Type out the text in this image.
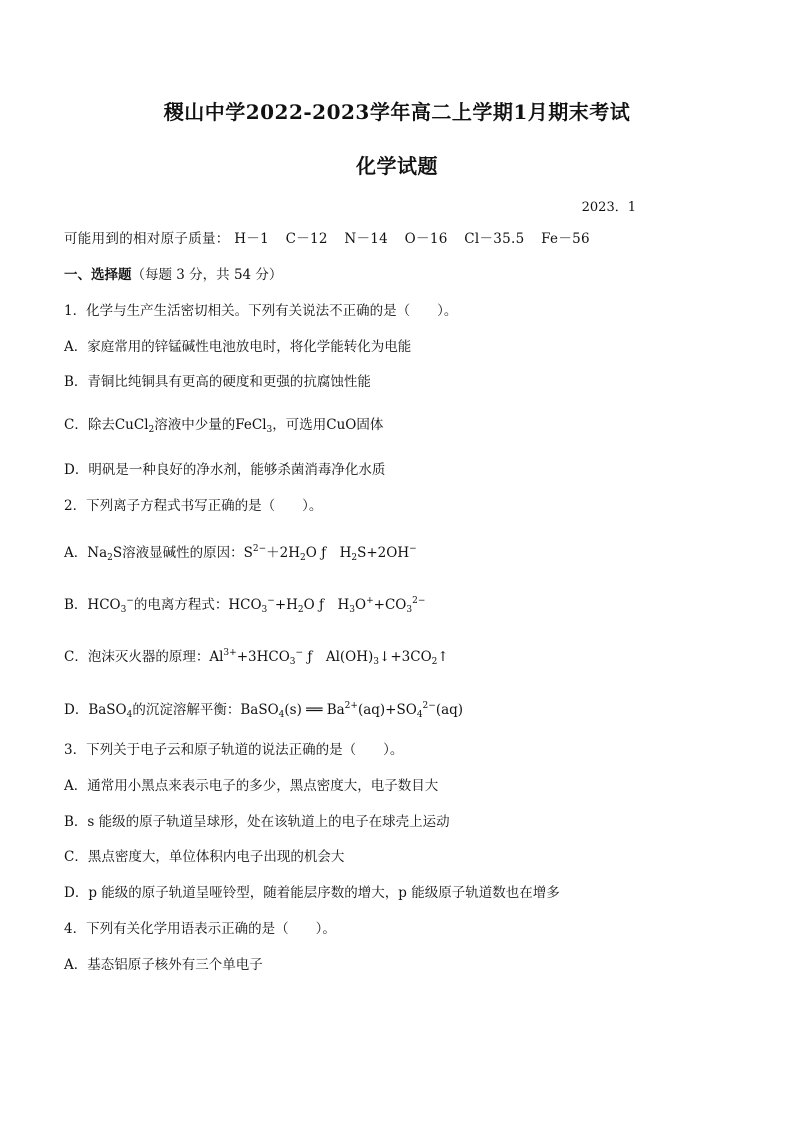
稷山中学2022-2023学年高二上学期1月期末考试
化学试题
2023．1
可能用到的相对原子质量： H－1 C－12 N－14 O－16 Cl－35.5 Fe－56
一、选择题（每题 3 分，共 54 分）
1．化学与生产生活密切相关。下列有关说法不正确的是（　　）。
A．家庭常用的锌锰碱性电池放电时，将化学能转化为电能
B．青铜比纯铜具有更高的硬度和更强的抗腐蚀性能
C．除去CuCl$_2$溶液中少量的FeCl$_3$，可选用CuO固体
D．明矾是一种良好的净水剂，能够杀菌消毒净化水质
2．下列离子方程式书写正确的是（　　）。
A．$Na_2S$溶液显碱性的原因：$S^{2-}+2H_2O$ ƒ　$H_2S+2OH^-$
B．$HCO_3^-$的电离方程式：$HCO_3^-+H_2O$ ƒ　$H_3O^++CO_3^{2-}$
C．泡沫灭火器的原理：$Al^{3+}+3HCO_3^-$ ƒ　$Al(OH)_3↓+3CO_2↑$
D．BaSO$_4$的沉淀溶解平衡：BaSO$_4$(s) ══ $Ba^{2+}(aq)+SO_4^{2-}(aq)$
3．下列关于电子云和原子轨道的说法正确的是（　　）。
A．通常用小黑点来表示电子的多少，黑点密度大，电子数目大
B．s 能级的原子轨道呈球形，处在该轨道上的电子在球壳上运动
C．黑点密度大，单位体积内电子出现的机会大
D．p 能级的原子轨道呈哑铃型，随着能层序数的增大，p 能级原子轨道数也在增多
4．下列有关化学用语表示正确的是（　　）。
A．基态铝原子核外有三个单电子
